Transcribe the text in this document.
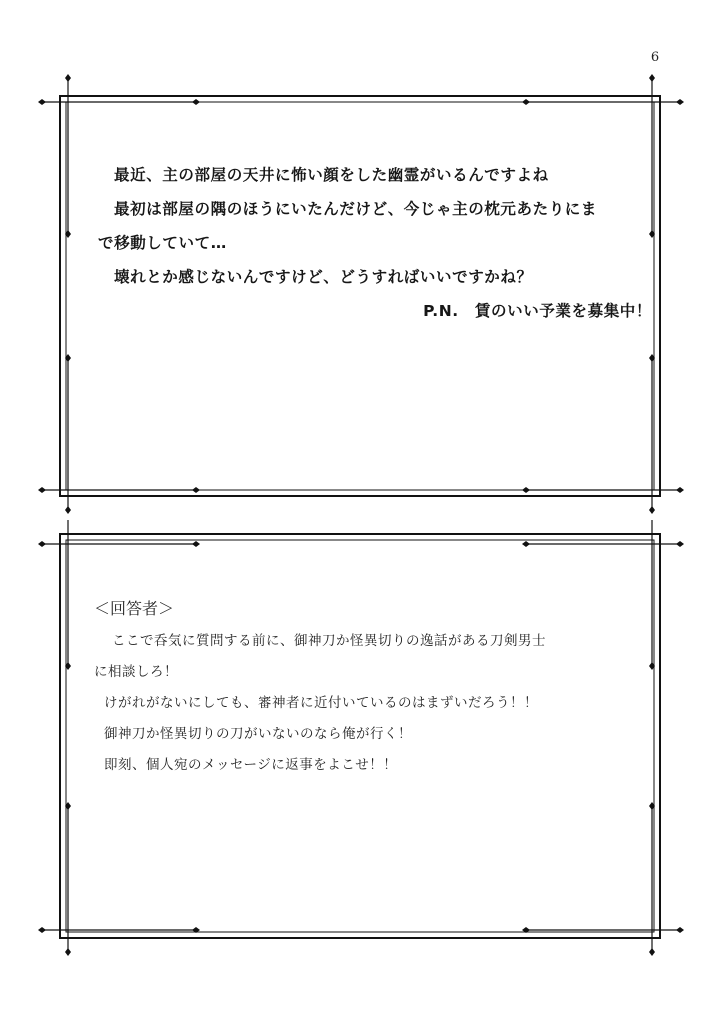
6
最近、主の部屋の天井に怖い顔をした幽霊がいるんですよね
最初は部屋の隅のほうにいたんだけど、今じゃ主の枕元あたりにま
で移動していて…
壊れとか感じないんですけど、どうすればいいですかね？
P.N.　賃のいい予業を募集中！
＜回答者＞
ここで呑気に質問する前に、御神刀か怪異切りの逸話がある刀剣男士
に相談しろ！
けがれがないにしても、審神者に近付いているのはまずいだろう！！
御神刀か怪異切りの刀がいないのなら俺が行く！
即刻、個人宛のメッセージに返事をよこせ！！
